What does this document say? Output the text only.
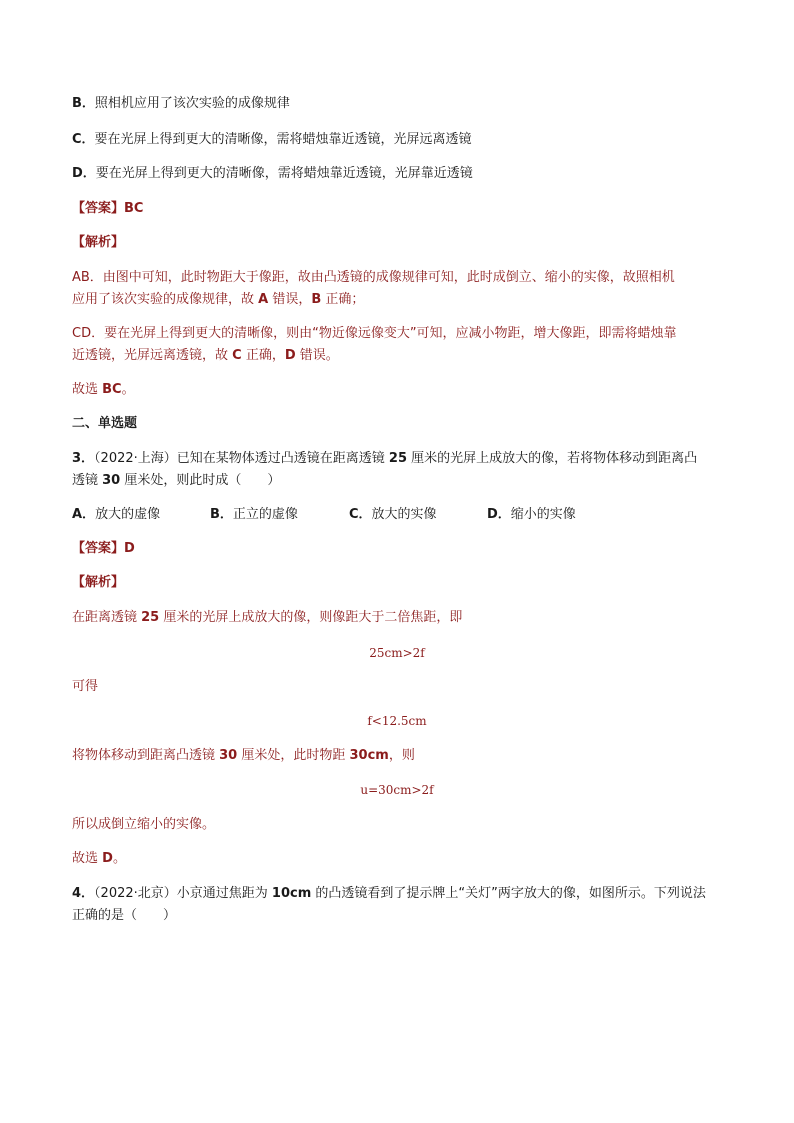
B．照相机应用了该次实验的成像规律
C．要在光屏上得到更大的清晰像，需将蜡烛靠近透镜，光屏远离透镜
D．要在光屏上得到更大的清晰像，需将蜡烛靠近透镜，光屏靠近透镜
【答案】BC
【解析】
AB．由图中可知，此时物距大于像距，故由凸透镜的成像规律可知，此时成倒立、缩小的实像，故照相机
应用了该次实验的成像规律，故 A 错误，B 正确；
CD．要在光屏上得到更大的清晰像，则由“物近像远像变大”可知，应减小物距，增大像距，即需将蜡烛靠
近透镜，光屏远离透镜，故 C 正确，D 错误。
故选 BC。
二、单选题
3．（2022·上海）已知在某物体透过凸透镜在距离透镜 25 厘米的光屏上成放大的像，若将物体移动到距离凸
透镜 30 厘米处，则此时成（　　）
A．放大的虚像	B．正立的虚像	C．放大的实像	D．缩小的实像
【答案】D
【解析】
在距离透镜 25 厘米的光屏上成放大的像，则像距大于二倍焦距，即
25cm>2f
可得
f<12.5cm
将物体移动到距离凸透镜 30 厘米处，此时物距 30cm，则
u=30cm>2f
所以成倒立缩小的实像。
故选 D。
4．（2022·北京）小京通过焦距为 10cm 的凸透镜看到了提示牌上“关灯”两字放大的像，如图所示。下列说法
正确的是（　　）
